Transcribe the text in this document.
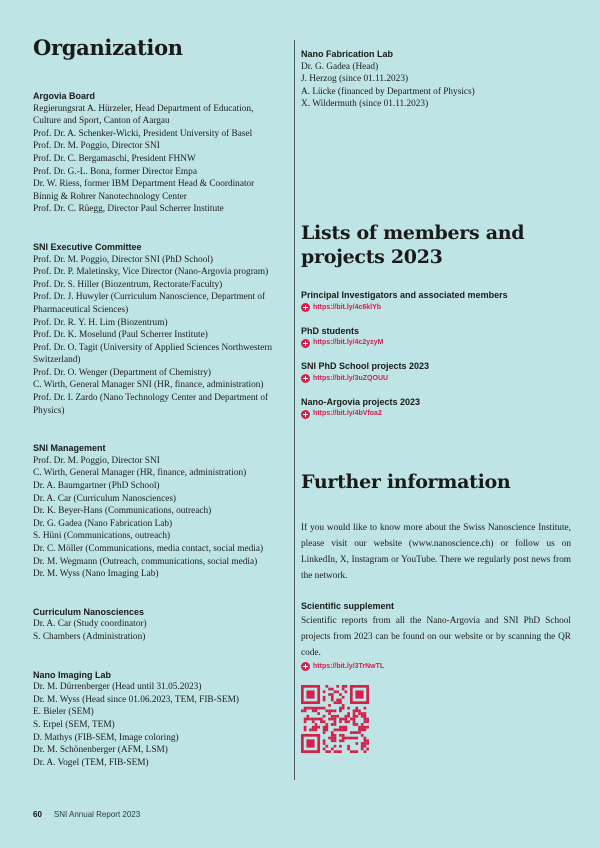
Organization
Argovia Board
Regierungsrat A. Hürzeler, Head Department of Education,
Culture and Sport, Canton of Aargau
Prof. Dr. A. Schenker-Wicki, President University of Basel
Prof. Dr. M. Poggio, Director SNI
Prof. Dr. C. Bergamaschi, President FHNW
Prof. Dr. G.-L. Bona, former Director Empa
Dr. W. Riess, former IBM Department Head & Coordinator
Binnig & Rohrer Nanotechnology Center
Prof. Dr. C. Rüegg, Director Paul Scherrer Institute
SNI Executive Committee
Prof. Dr. M. Poggio, Director SNI (PhD School)
Prof. Dr. P. Maletinsky, Vice Director (Nano-Argovia program)
Prof. Dr. S. Hiller (Biozentrum, Rectorate/Faculty)
Prof. Dr. J. Huwyler (Curriculum Nanoscience, Department of
Pharmaceutical Sciences)
Prof. Dr. R. Y. H. Lim (Biozentrum)
Prof. Dr. K. Moselund (Paul Scherrer Institute)
Prof. Dr. O. Tagit (University of Applied Sciences Northwestern
Switzerland)
Prof. Dr. O. Wenger (Department of Chemistry)
C. Wirth, General Manager SNI (HR, finance, administration)
Prof. Dr. I. Zardo (Nano Technology Center and Department of
Physics)
SNI Management
Prof. Dr. M. Poggio, Director SNI
C. Wirth, General Manager (HR, finance, administration)
Dr. A. Baumgartner (PhD School)
Dr. A. Car (Curriculum Nanosciences)
Dr. K. Beyer-Hans (Communications, outreach)
Dr. G. Gadea (Nano Fabrication Lab)
S. Hüni (Communications, outreach)
Dr. C. Möller (Communications, media contact, social media)
Dr. M. Wegmann (Outreach, communications, social media)
Dr. M. Wyss (Nano Imaging Lab)
Curriculum Nanosciences
Dr. A. Car (Study coordinator)
S. Chambers (Administration)
Nano Imaging Lab
Dr. M. Dürrenberger (Head until 31.05.2023)
Dr. M. Wyss (Head since 01.06.2023, TEM, FIB-SEM)
E. Bieler (SEM)
S. Erpel (SEM, TEM)
D. Mathys (FIB-SEM, Image coloring)
Dr. M. Schönenberger (AFM, LSM)
Dr. A. Vogel (TEM, FIB-SEM)
Nano Fabrication Lab
Dr. G. Gadea (Head)
J. Herzog (since 01.11.2023)
A. Lücke (financed by Department of Physics)
X. Wildermuth (since 01.11.2023)
Lists of members and
projects 2023
Principal Investigators and associated members
https://bit.ly/4c6klYb
PhD students
https://bit.ly/4c2yzyM
SNI PhD School projects 2023
https://bit.ly/3uZQOUU
Nano-Argovia projects 2023
https://bit.ly/4bVfoa2
Further information

If you would like to know more about the Swiss Nanoscience Institute, please visit our website (www.nanoscience.ch) or follow us on LinkedIn, X, Instagram or YouTube. There we regularly post news from the network.

Scientific supplement

Scientific reports from all the Nano-Argovia and SNI PhD School projects from 2023 can be found on our website or by scanning the QR code.

https://bit.ly/3TrNwTL
60 SNI Annual Report 2023
